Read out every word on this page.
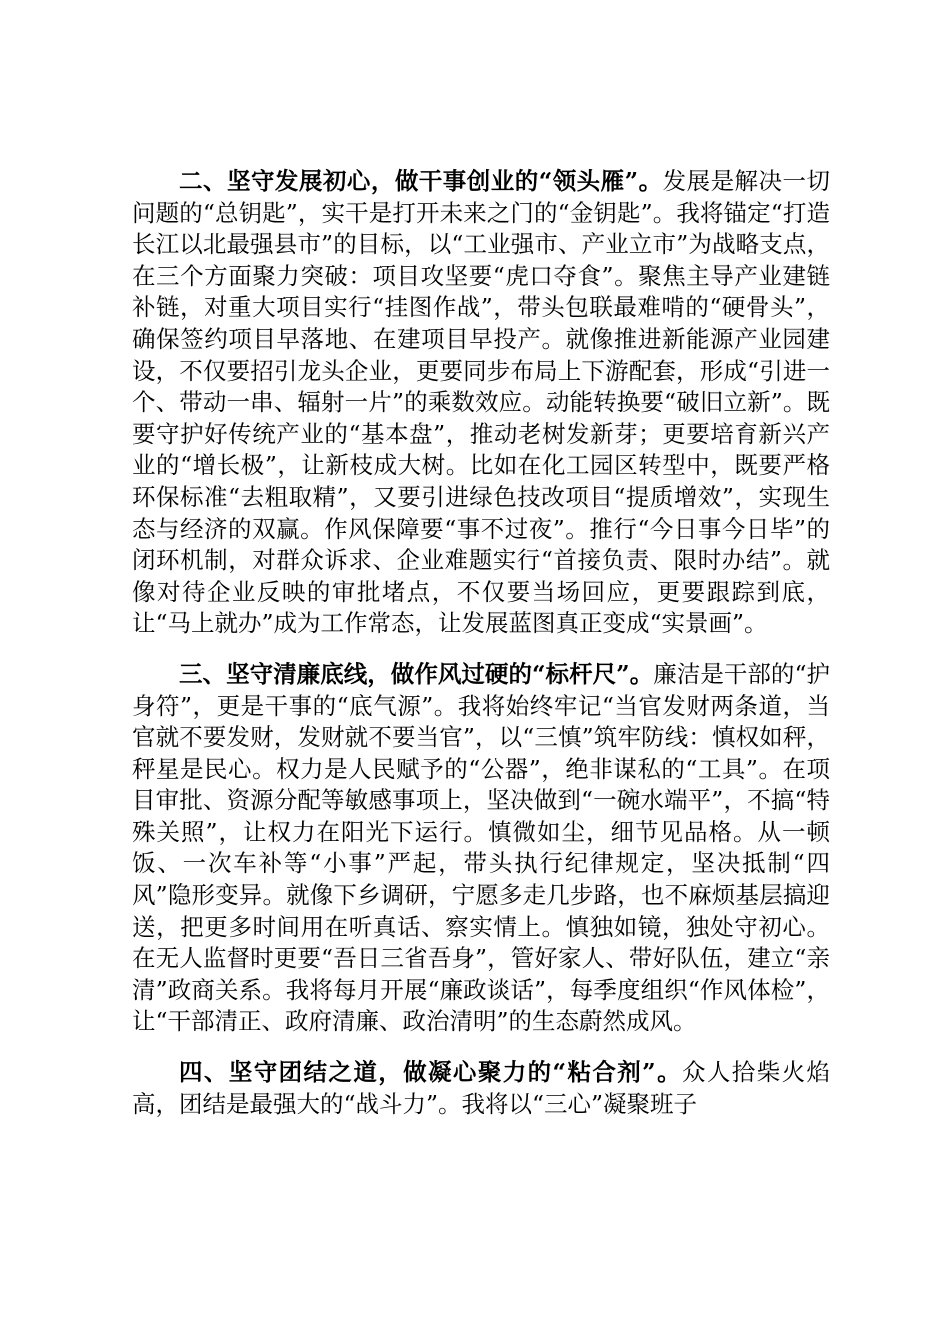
二、坚守发展初心，做干事创业的“领头雁”。发展是解决一切问题的“总钥匙”，实干是打开未来之门的“金钥匙”。我将锚定“打造长江以北最强县市”的目标，以“工业强市、产业立市”为战略支点，在三个方面聚力突破：项目攻坚要“虎口夺食”。聚焦主导产业建链补链，对重大项目实行“挂图作战”，带头包联最难啃的“硬骨头”，确保签约项目早落地、在建项目早投产。就像推进新能源产业园建设，不仅要招引龙头企业，更要同步布局上下游配套，形成“引进一个、带动一串、辐射一片”的乘数效应。动能转换要“破旧立新”。既要守护好传统产业的“基本盘”，推动老树发新芽；更要培育新兴产业的“增长极”，让新枝成大树。比如在化工园区转型中，既要严格环保标准“去粗取精”，又要引进绿色技改项目“提质增效”，实现生态与经济的双赢。作风保障要“事不过夜”。推行“今日事今日毕”的闭环机制，对群众诉求、企业难题实行“首接负责、限时办结”。就像对待企业反映的审批堵点，不仅要当场回应，更要跟踪到底，让“马上就办”成为工作常态，让发展蓝图真正变成“实景画”。

三、坚守清廉底线，做作风过硬的“标杆尺”。廉洁是干部的“护身符”，更是干事的“底气源”。我将始终牢记“当官发财两条道，当官就不要发财，发财就不要当官”，以“三慎”筑牢防线：慎权如秤，秤星是民心。权力是人民赋予的“公器”，绝非谋私的“工具”。在项目审批、资源分配等敏感事项上，坚决做到“一碗水端平”，不搞“特殊关照”，让权力在阳光下运行。慎微如尘，细节见品格。从一顿饭、一次车补等“小事”严起，带头执行纪律规定，坚决抵制“四风”隐形变异。就像下乡调研，宁愿多走几步路，也不麻烦基层搞迎送，把更多时间用在听真话、察实情上。慎独如镜，独处守初心。在无人监督时更要“吾日三省吾身”，管好家人、带好队伍，建立“亲清”政商关系。我将每月开展“廉政谈话”，每季度组织“作风体检”，让“干部清正、政府清廉、政治清明”的生态蔚然成风。

四、坚守团结之道，做凝心聚力的“粘合剂”。众人拾柴火焰高，团结是最强大的“战斗力”。我将以“三心”凝聚班子
